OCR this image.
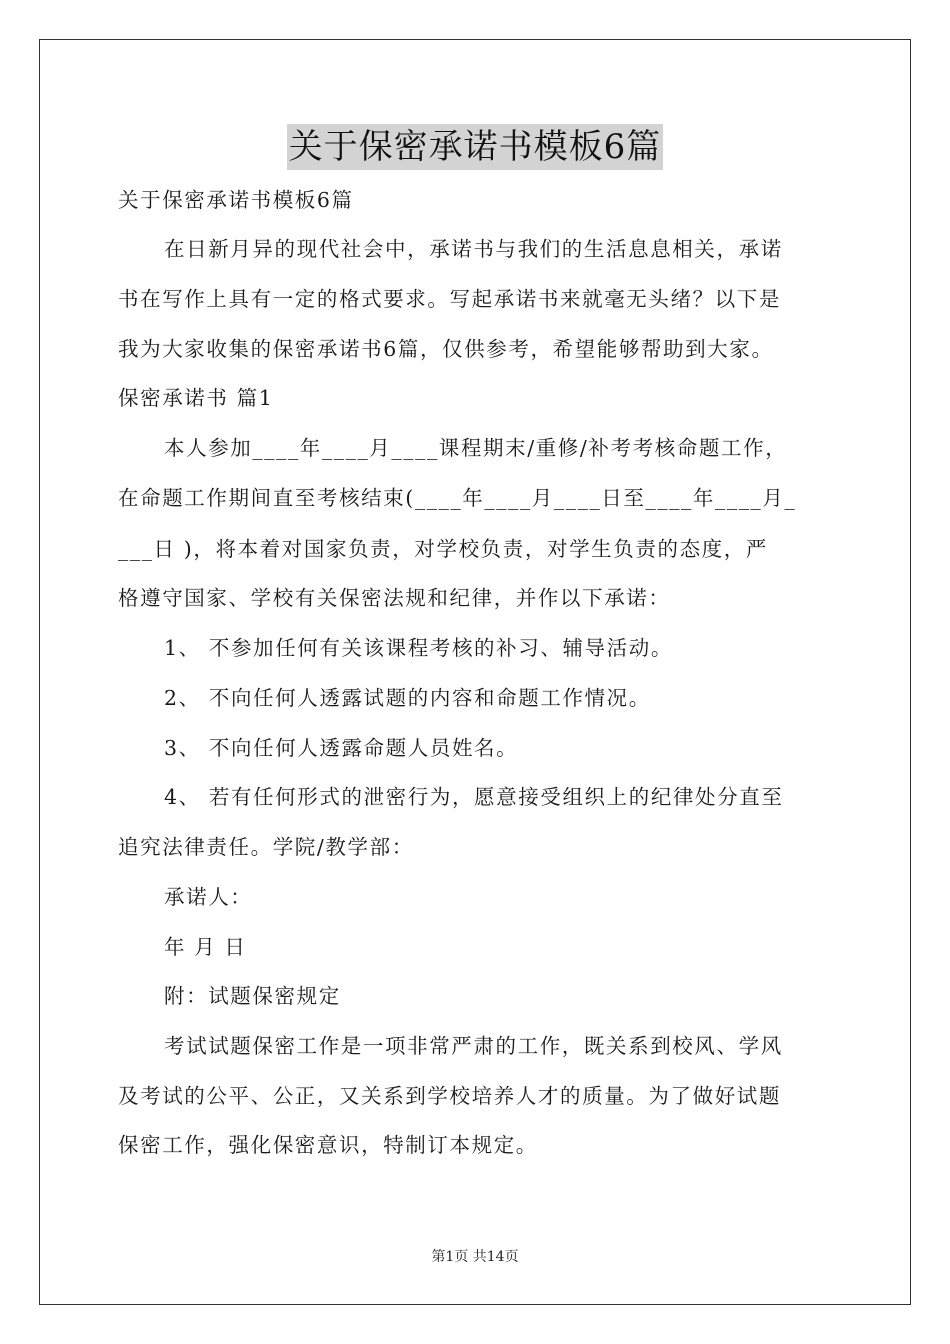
关于保密承诺书模板6篇
关于保密承诺书模板6篇
在日新月异的现代社会中，承诺书与我们的生活息息相关，承诺
书在写作上具有一定的格式要求。写起承诺书来就毫无头绪？以下是
我为大家收集的保密承诺书6篇，仅供参考，希望能够帮助到大家。
保密承诺书 篇1
本人参加____年____月____课程期末/重修/补考考核命题工作，
在命题工作期间直至考核结束(____年____月____日至____年____月_
___日 )，将本着对国家负责，对学校负责，对学生负责的态度，严
格遵守国家、学校有关保密法规和纪律，并作以下承诺：
1、 不参加任何有关该课程考核的补习、辅导活动。
2、 不向任何人透露试题的内容和命题工作情况。
3、 不向任何人透露命题人员姓名。
4、 若有任何形式的泄密行为，愿意接受组织上的纪律处分直至
追究法律责任。学院/教学部：
承诺人：
年 月 日
附：试题保密规定
考试试题保密工作是一项非常严肃的工作，既关系到校风、学风
及考试的公平、公正，又关系到学校培养人才的质量。为了做好试题
保密工作，强化保密意识，特制订本规定。
第1页 共14页
